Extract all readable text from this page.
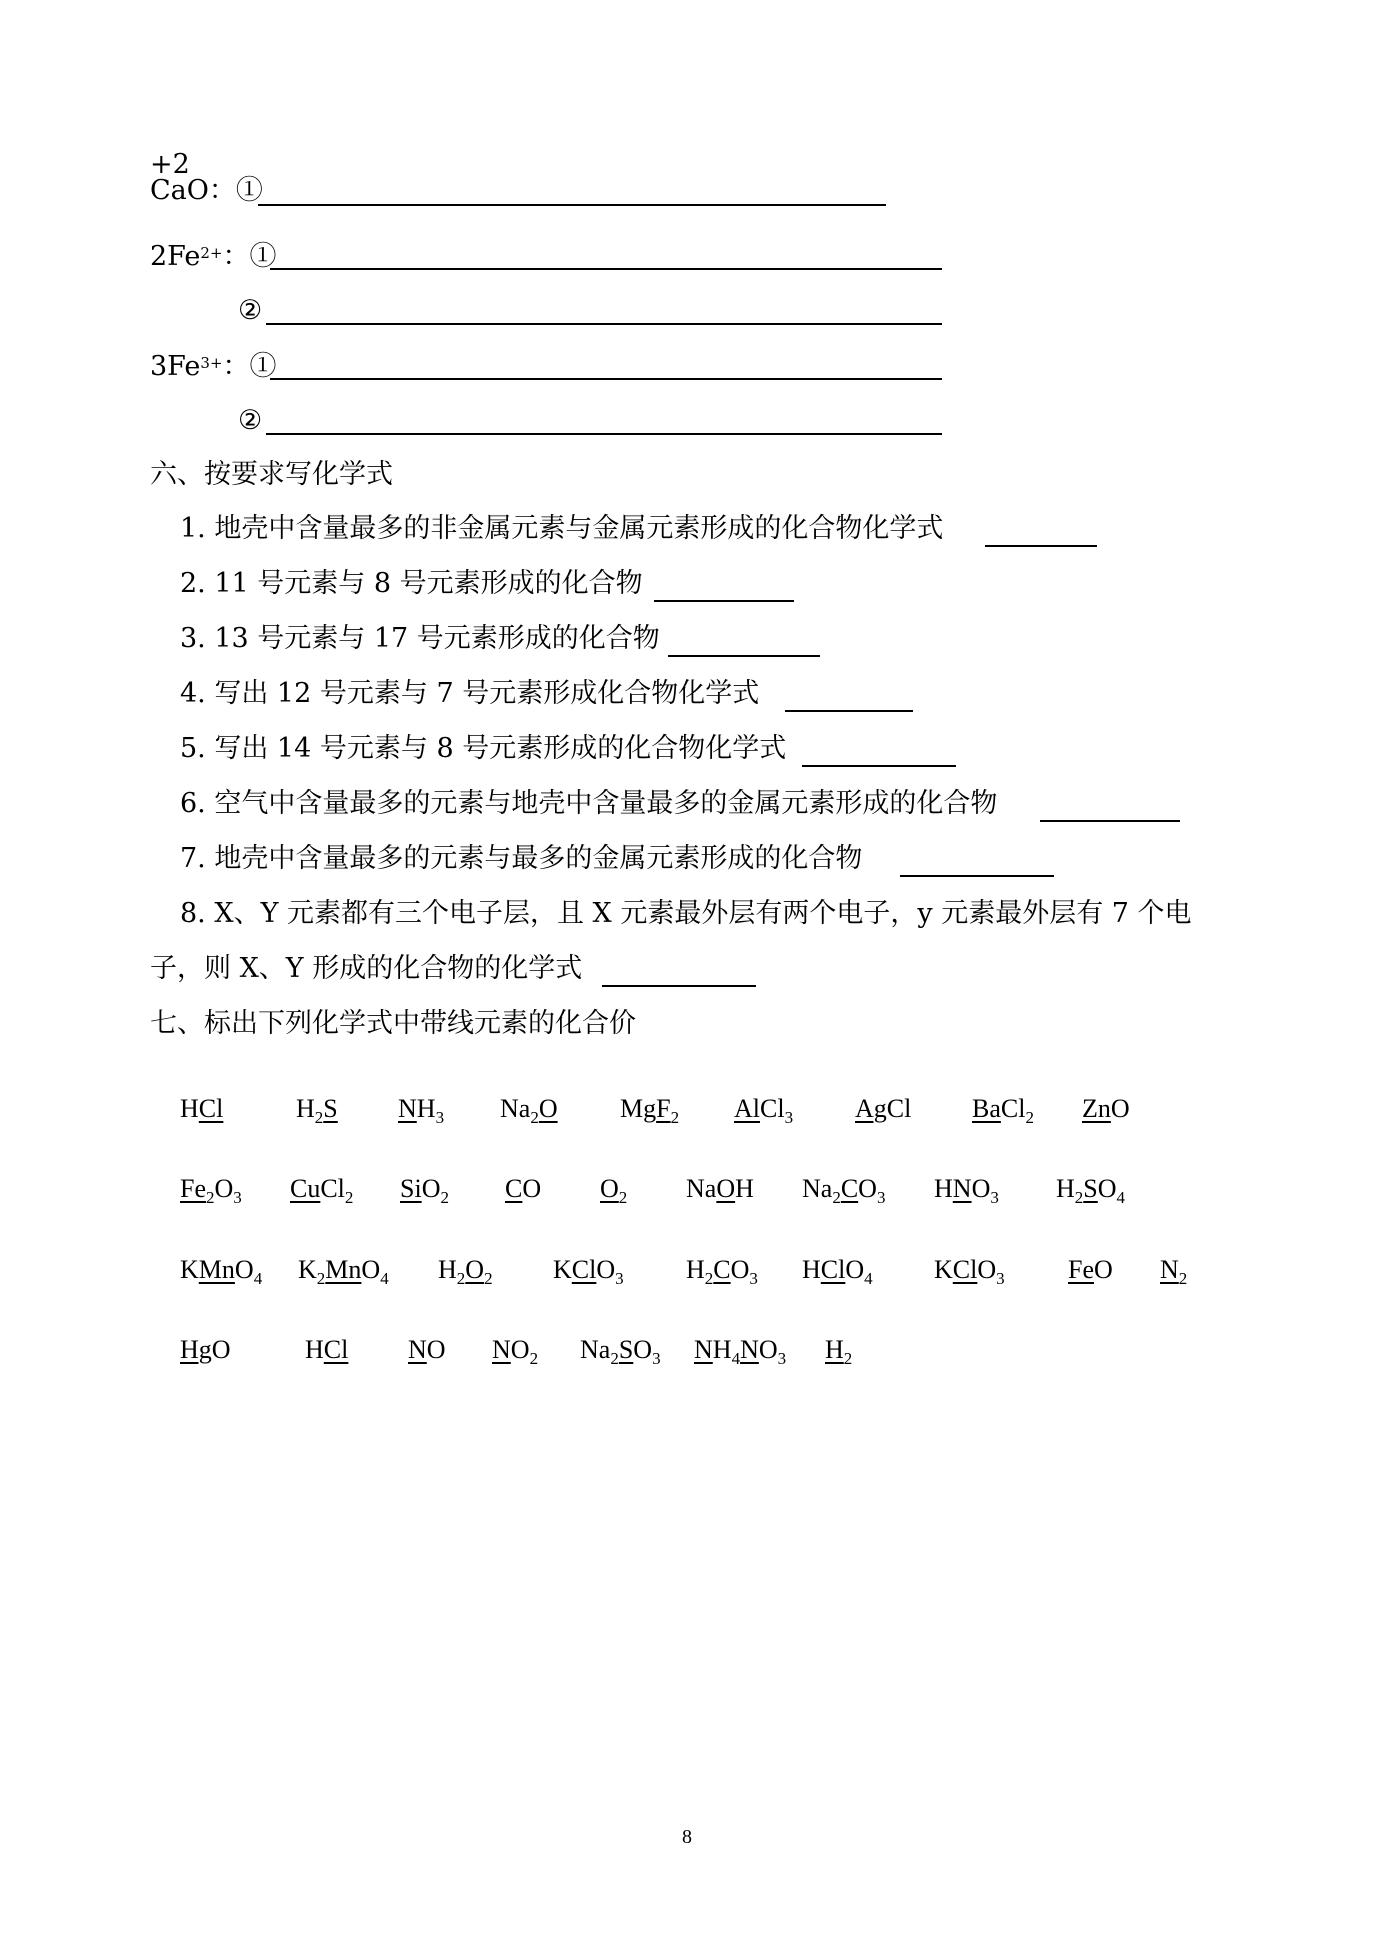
+2
CaO：①
$2Fe^{2+}$：①
②
$3Fe^{3+}$：①
②
六、按要求写化学式
1. 地壳中含量最多的非金属元素与金属元素形成的化合物化学式
2. 11 号元素与 8 号元素形成的化合物
3. 13 号元素与 17 号元素形成的化合物
4. 写出 12 号元素与 7 号元素形成化合物化学式
5. 写出 14 号元素与 8 号元素形成的化合物化学式
6. 空气中含量最多的元素与地壳中含量最多的金属元素形成的化合物
7. 地壳中含量最多的元素与最多的金属元素形成的化合物
8. X、Y 元素都有三个电子层，且 X 元素最外层有两个电子，y 元素最外层有 7 个电
子，则 X、Y 形成的化合物的化学式
七、标出下列化学式中带线元素的化合价
HCl	$H_2S$ $NH_3$ $Na_2O$ MgF$_2$ AlCl$_3$ AgCl BaCl$_2$ ZnO
$Fe_2O_3$ CuCl$_2$ SiO$_2$ CO $O_2$ NaOH $Na_2CO_3$ $HNO_3$ $H_2SO_4$
KMnO$_4$ $K_2MnO_4$ $H_2O_2$ KClO$_3$ $H_2CO_3$ HClO$_4$ KClO$_3$ FeO $N_2$
HgO	HCl NO $NO_2$ $Na_2SO_3$ $NH_4NO_3$ $H_2$
8
